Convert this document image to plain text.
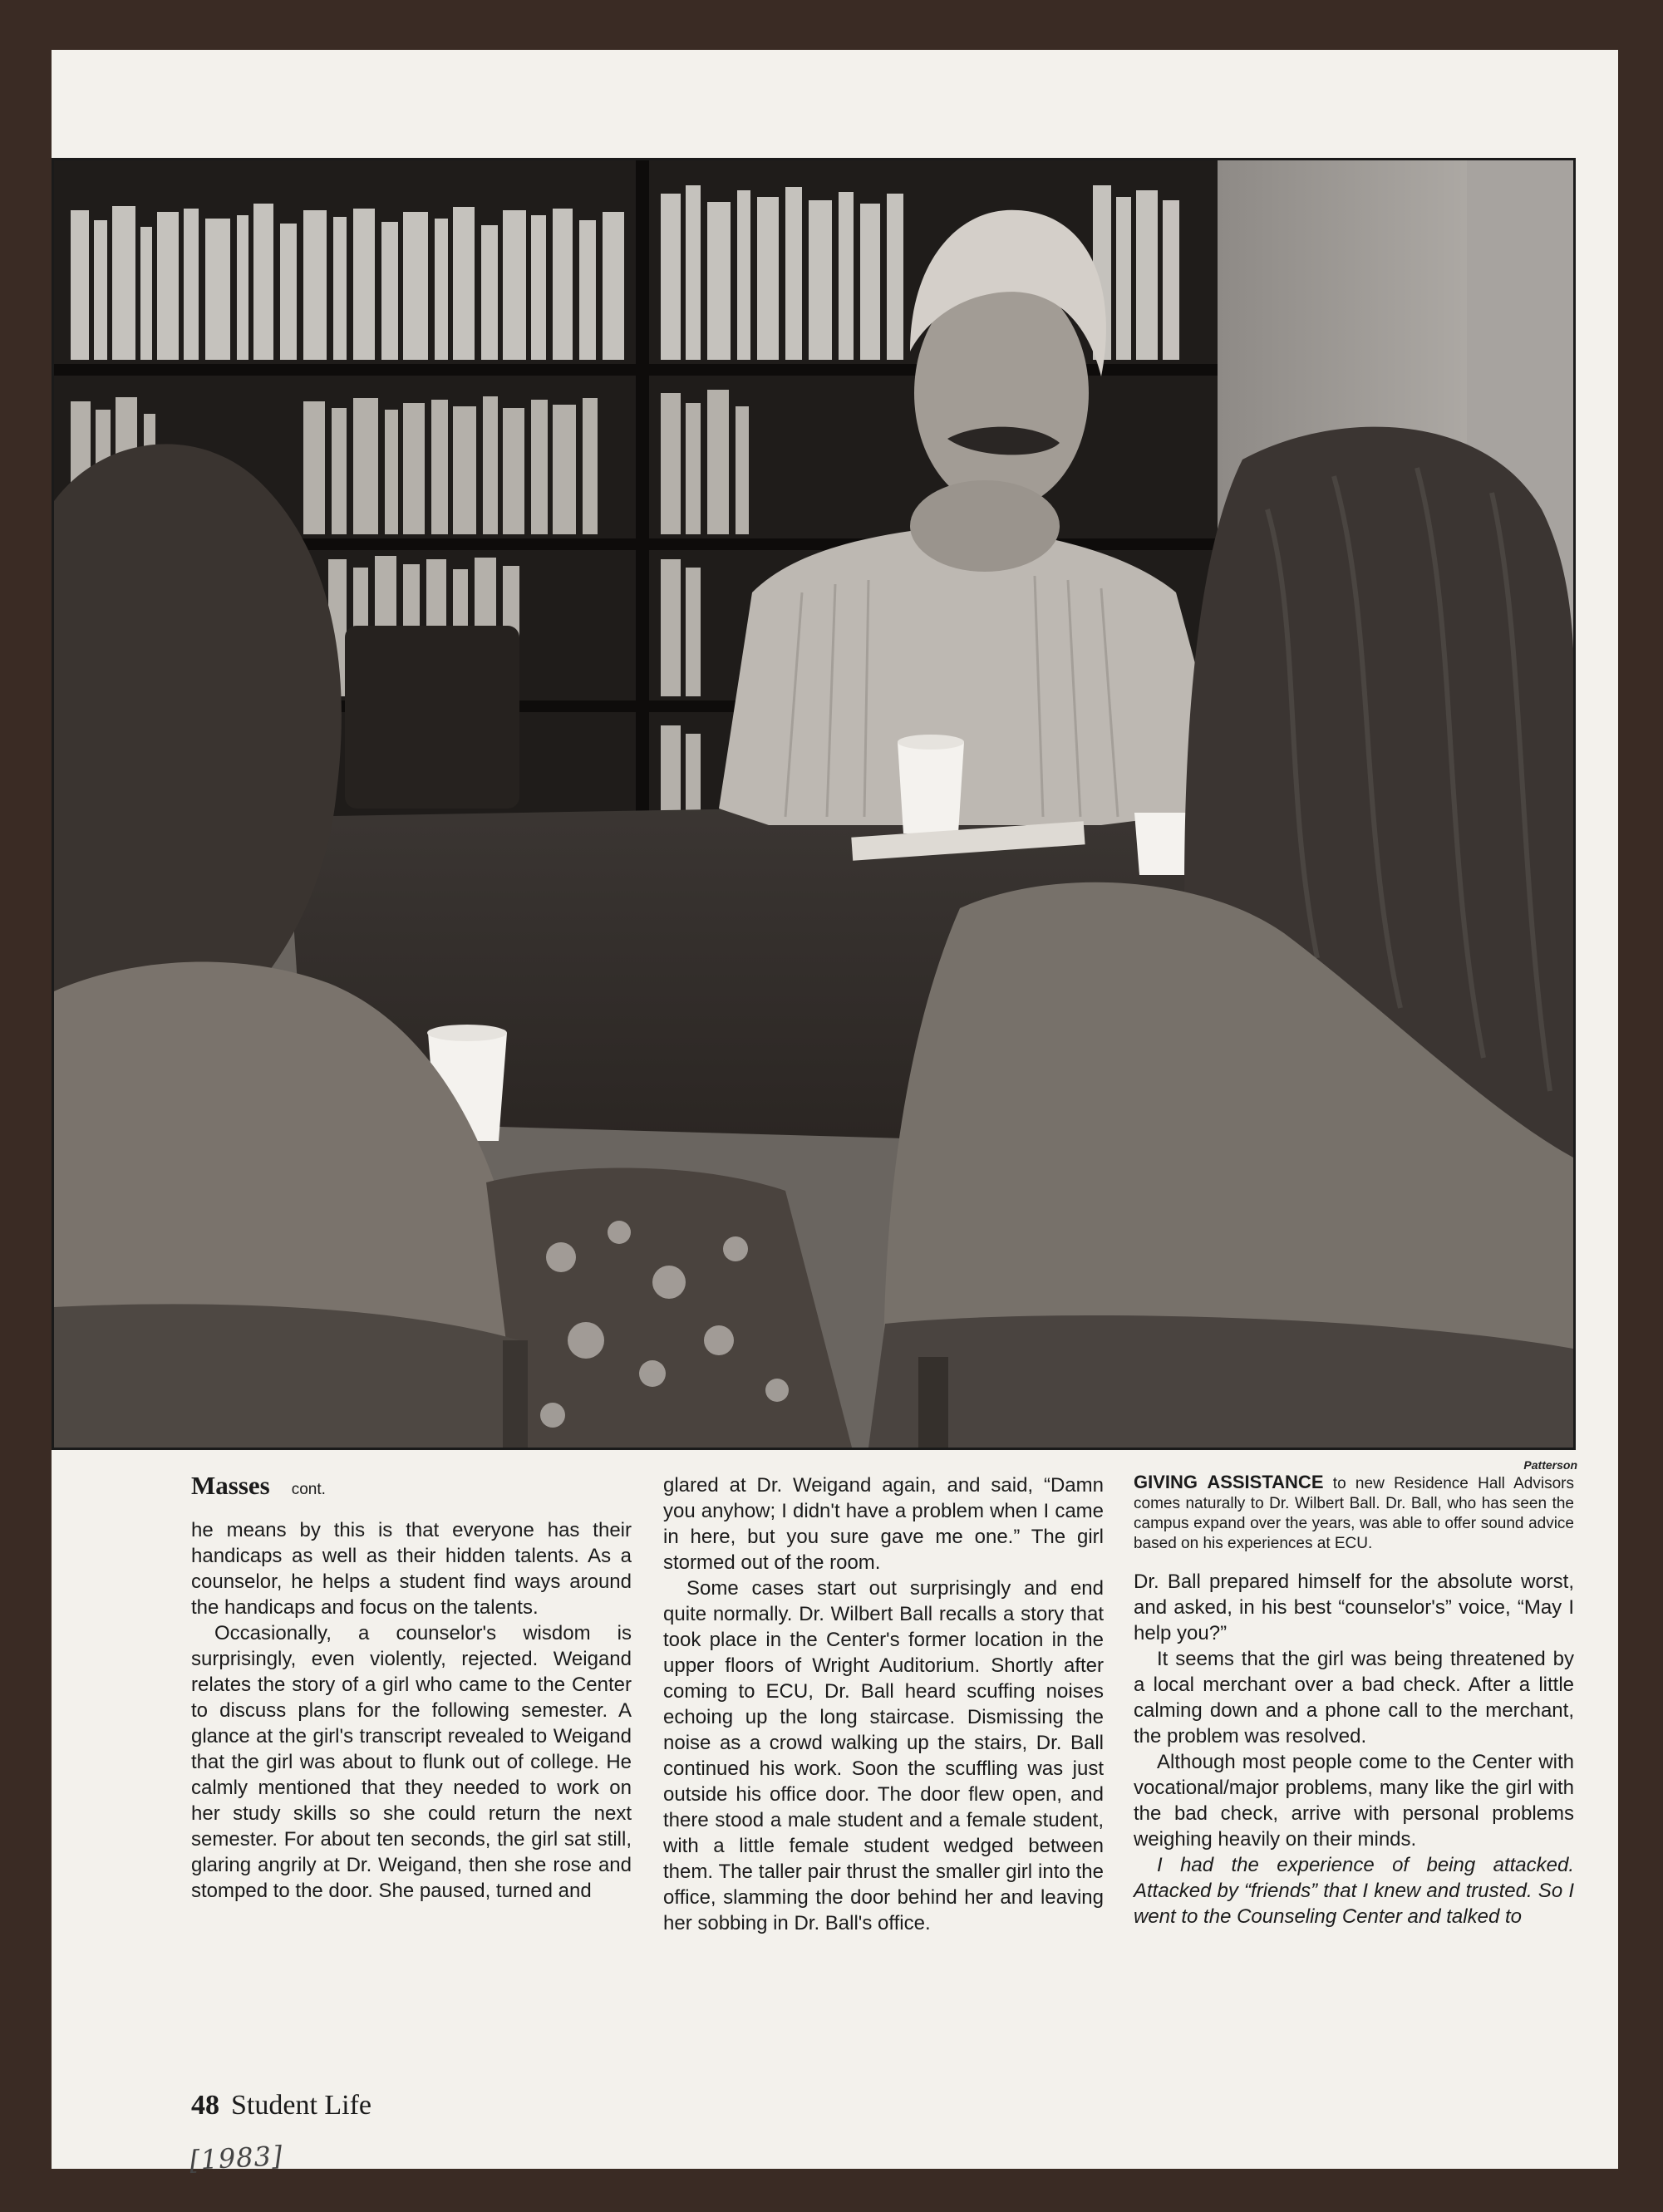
Patterson
Masses cont.

he means by this is that everyone has their handicaps as well as their hidden talents. As a counselor, he helps a student find ways around the handicaps and focus on the talents.

Occasionally, a counselor's wisdom is surprisingly, even violently, rejected. Weigand relates the story of a girl who came to the Center to discuss plans for the following semester. A glance at the girl's transcript revealed to Weigand that the girl was about to flunk out of college. He calmly mentioned that they needed to work on her study skills so she could return the next semester. For about ten seconds, the girl sat still, glaring angrily at Dr. Weigand, then she rose and stomped to the door. She paused, turned and

glared at Dr. Weigand again, and said, “Damn you anyhow; I didn't have a problem when I came in here, but you sure gave me one.” The girl stormed out of the room.

Some cases start out surprisingly and end quite normally. Dr. Wilbert Ball recalls a story that took place in the Center's former location in the upper floors of Wright Auditorium. Shortly after coming to ECU, Dr. Ball heard scuffing noises echoing up the long staircase. Dismissing the noise as a crowd walking up the stairs, Dr. Ball continued his work. Soon the scuffling was just outside his office door. The door flew open, and there stood a male student and a female student, with a little female student wedged between them. The taller pair thrust the smaller girl into the office, slamming the door behind her and leaving her sobbing in Dr. Ball's office.

GIVING ASSISTANCE to new Residence Hall Advisors comes naturally to Dr. Wilbert Ball. Dr. Ball, who has seen the campus expand over the years, was able to offer sound advice based on his experiences at ECU.

Dr. Ball prepared himself for the absolute worst, and asked, in his best “counselor's” voice, “May I help you?”

It seems that the girl was being threatened by a local merchant over a bad check. After a little calming down and a phone call to the merchant, the problem was resolved.

Although most people come to the Center with vocational/major problems, many like the girl with the bad check, arrive with personal problems weighing heavily on their minds.

I had the experience of being attacked. Attacked by “friends” that I knew and trusted. So I went to the Counseling Center and talked to

48 Student Life
[1983]
